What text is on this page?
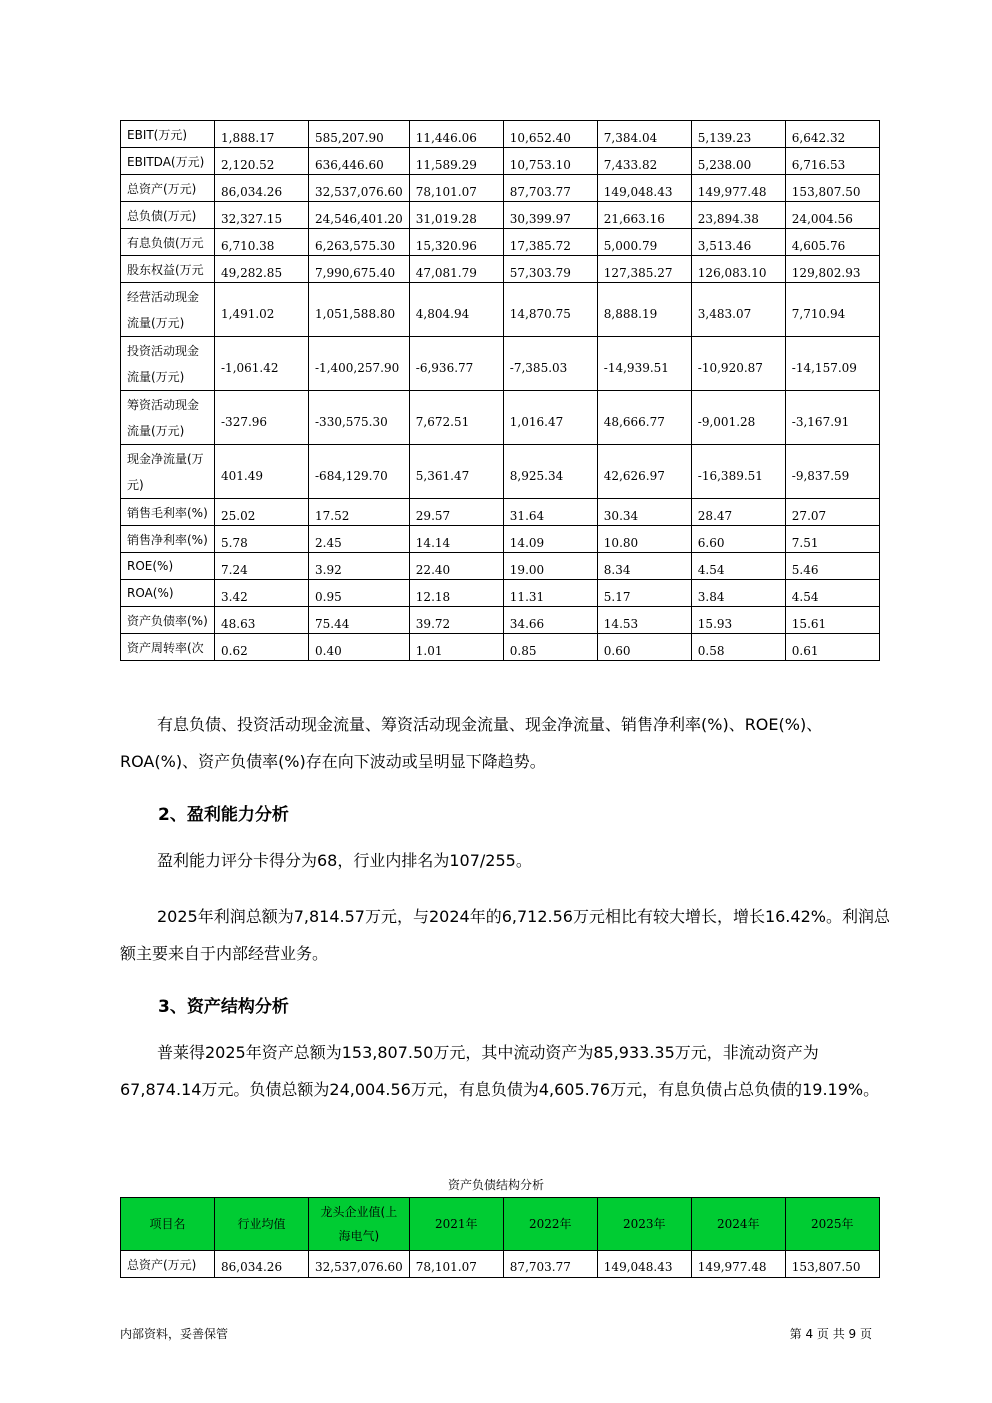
EBIT(万元)	1,888.17	585,207.90	11,446.06	10,652.40	7,384.04	5,139.23	6,642.32
EBITDA(万元)	2,120.52	636,446.60	11,589.29	10,753.10	7,433.82	5,238.00	6,716.53
总资产(万元)	86,034.26	32,537,076.60	78,101.07	87,703.77	149,048.43	149,977.48	153,807.50
总负债(万元)	32,327.15	24,546,401.20	31,019.28	30,399.97	21,663.16	23,894.38	24,004.56
有息负债(万元	6,710.38	6,263,575.30	15,320.96	17,385.72	5,000.79	3,513.46	4,605.76
股东权益(万元	49,282.85	7,990,675.40	47,081.79	57,303.79	127,385.27	126,083.10	129,802.93
经营活动现金流量(万元)	1,491.02	1,051,588.80	4,804.94	14,870.75	8,888.19	3,483.07	7,710.94
投资活动现金流量(万元)	-1,061.42	-1,400,257.90	-6,936.77	-7,385.03	-14,939.51	-10,920.87	-14,157.09
筹资活动现金流量(万元)	-327.96	-330,575.30	7,672.51	1,016.47	48,666.77	-9,001.28	-3,167.91
现金净流量(万元)	401.49	-684,129.70	5,361.47	8,925.34	42,626.97	-16,389.51	-9,837.59
销售毛利率(%)	25.02	17.52	29.57	31.64	30.34	28.47	27.07
销售净利率(%)	5.78	2.45	14.14	14.09	10.80	6.60	7.51
ROE(%)	7.24	3.92	22.40	19.00	8.34	4.54	5.46
ROA(%)	3.42	0.95	12.18	11.31	5.17	3.84	4.54
资产负债率(%)	48.63	75.44	39.72	34.66	14.53	15.93	15.61
资产周转率(次	0.62	0.40	1.01	0.85	0.60	0.58	0.61
有息负债、投资活动现金流量、筹资活动现金流量、现金净流量、销售净利率(%)、ROE(%)、ROA(%)、资产负债率(%)存在向下波动或呈明显下降趋势。
2、盈利能力分析
盈利能力评分卡得分为68，行业内排名为107/255。
2025年利润总额为7,814.57万元，与2024年的6,712.56万元相比有较大增长，增长16.42%。利润总额主要来自于内部经营业务。
3、资产结构分析
普莱得2025年资产总额为153,807.50万元，其中流动资产为85,933.35万元，非流动资产为67,874.14万元。负债总额为24,004.56万元，有息负债为4,605.76万元，有息负债占总负债的19.19%。
资产负债结构分析
项目名	行业均值	龙头企业值(上海电气)	2021年	2022年	2023年	2024年	2025年
总资产(万元)	86,034.26	32,537,076.60	78,101.07	87,703.77	149,048.43	149,977.48	153,807.50
内部资料，妥善保管	第 4 页 共 9 页
